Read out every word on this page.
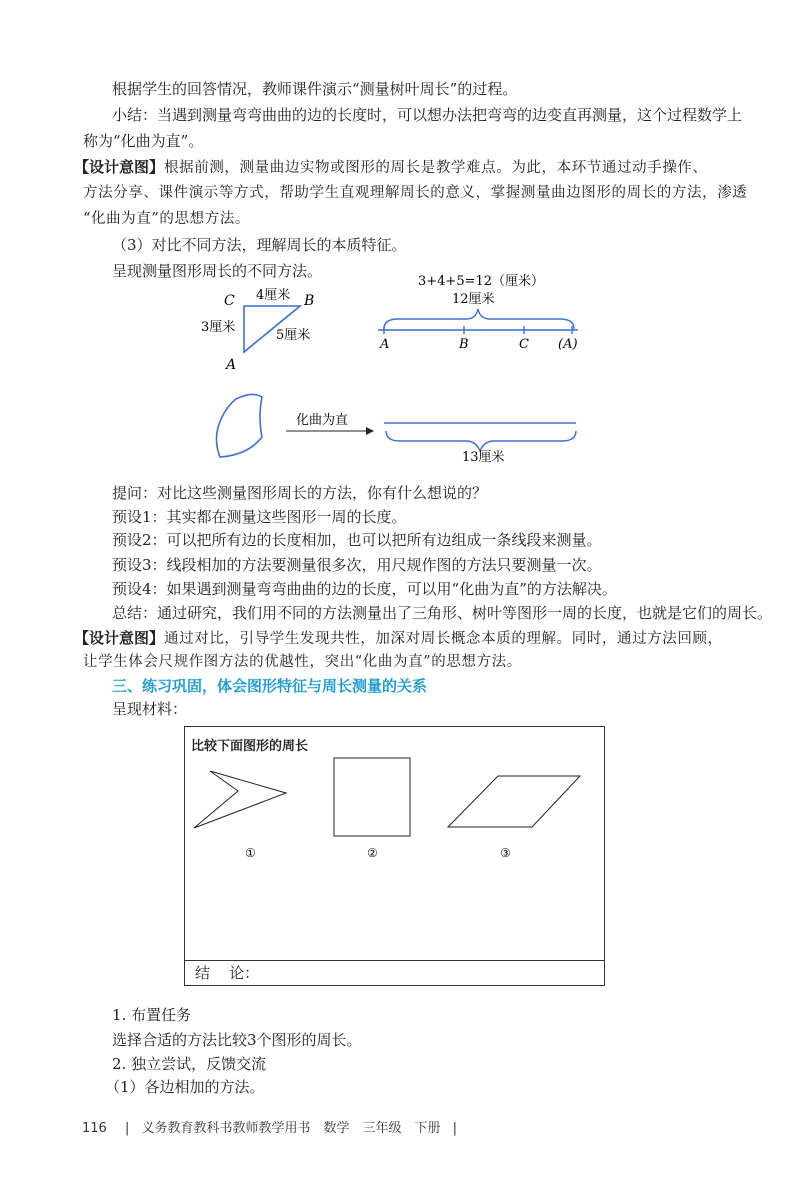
根据学生的回答情况，教师课件演示“测量树叶周长”的过程。
小结：当遇到测量弯弯曲曲的边的长度时，可以想办法把弯弯的边变直再测量，这个过程数学上
称为“化曲为直”。
【设计意图】根据前测，测量曲边实物或图形的周长是教学难点。为此，本环节通过动手操作、
方法分享、课件演示等方式，帮助学生直观理解周长的意义，掌握测量曲边图形的周长的方法，渗透
“化曲为直”的思想方法。
（3）对比不同方法，理解周长的本质特征。
呈现测量图形周长的不同方法。
C	B
A
4厘米
3厘米
5厘米
3+4+5=12（厘米）
12厘米
A	B	C (A)
化曲为直
13厘米
提问：对比这些测量图形周长的方法，你有什么想说的？
预设1：其实都在测量这些图形一周的长度。
预设2：可以把所有边的长度相加，也可以把所有边组成一条线段来测量。
预设3：线段相加的方法要测量很多次，用尺规作图的方法只要测量一次。
预设4：如果遇到测量弯弯曲曲的边的长度，可以用“化曲为直”的方法解决。
总结：通过研究，我们用不同的方法测量出了三角形、树叶等图形一周的长度，也就是它们的周长。
【设计意图】通过对比，引导学生发现共性，加深对周长概念本质的理解。同时，通过方法回顾，
让学生体会尺规作图方法的优越性，突出“化曲为直”的思想方法。
三、练习巩固，体会图形特征与周长测量的关系
呈现材料：
比较下面图形的周长
结    论：
①	②	③
1. 布置任务
选择合适的方法比较3个图形的周长。
2. 独立尝试，反馈交流
（1）各边相加的方法。
116 | 义务教育教科书教师教学用书　数学　三年级　下册 |
